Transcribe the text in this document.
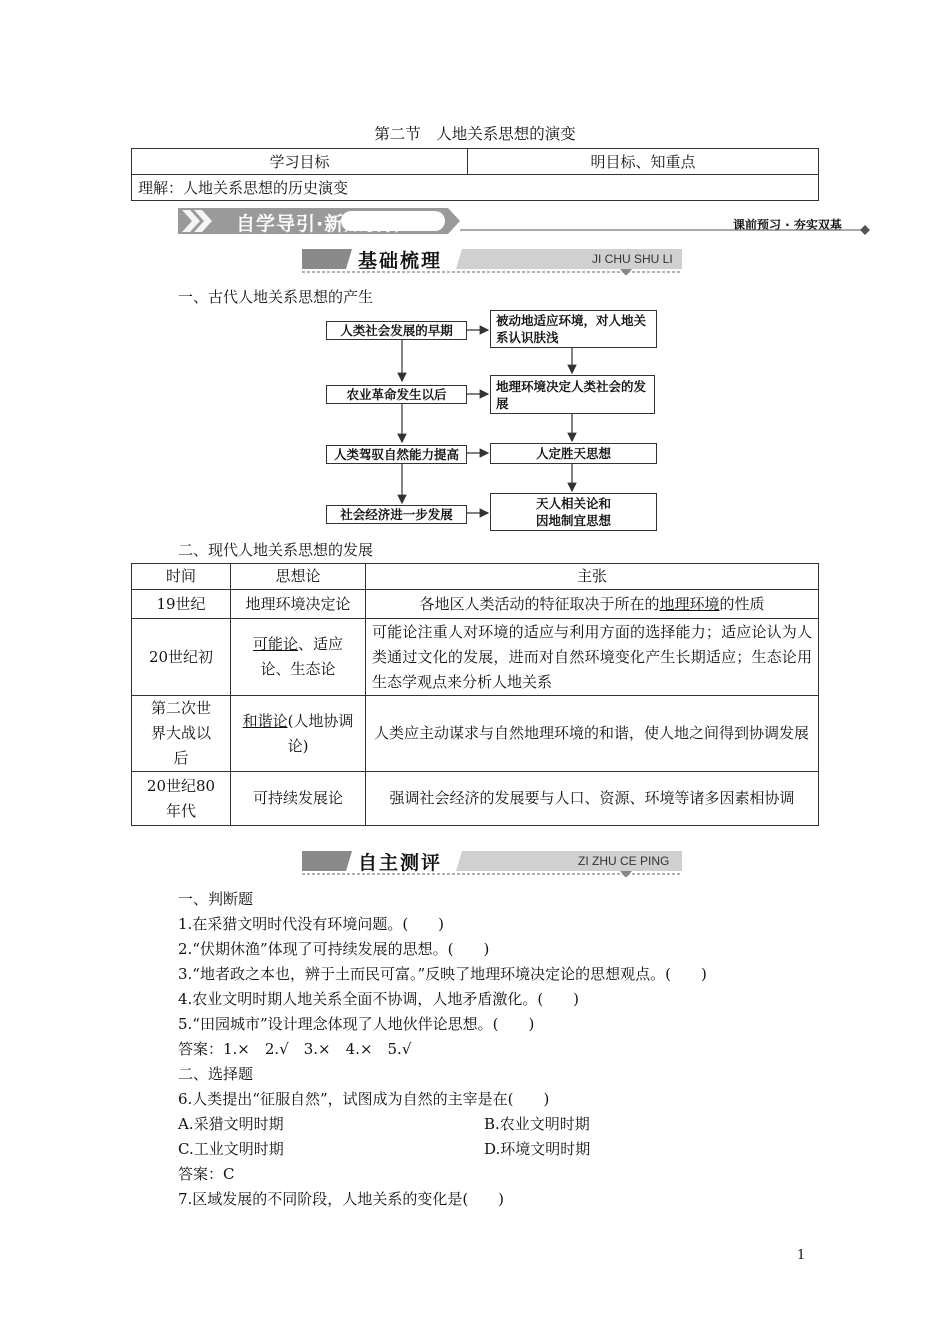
第二节　人地关系思想的演变
学习目标	明目标、知重点
理解：人地关系思想的历史演变
自学导引·新知初探	课前预习 · 夯实双基
基础梳理	JI CHU SHU LI
一、古代人地关系思想的产生
人类社会发展的早期
农业革命发生以后
人类驾驭自然能力提高
社会经济进一步发展
被动地适应环境，对人地关系认识肤浅
地理环境决定人类社会的发展
人定胜天思想
天人相关论和因地制宜思想
二、现代人地关系思想的发展
时间	思想论	主张
19世纪	地理环境决定论	各地区人类活动的特征取决于所在的地理环境的性质
20世纪初	可能论、适应论、生态论	可能论注重人对环境的适应与利用方面的选择能力；适应论认为人类通过文化的发展，进而对自然环境变化产生长期适应；生态论用生态学观点来分析人地关系
第二次世界大战以后	和谐论(人地协调论)	人类应主动谋求与自然地理环境的和谐，使人地之间得到协调发展
20世纪80年代	可持续发展论	强调社会经济的发展要与人口、资源、环境等诸多因素相协调
自主测评	ZI ZHU CE PING
一、判断题
1.在采猎文明时代没有环境问题。(　　)
2.“伏期休渔”体现了可持续发展的思想。(　　)
3.“地者政之本也，辨于土而民可富。”反映了地理环境决定论的思想观点。(　　)
4.农业文明时期人地关系全面不协调，人地矛盾激化。(　　)
5.“田园城市”设计理念体现了人地伙伴论思想。(　　)
答案：1.×　2.√　3.×　4.×　5.√
二、选择题
6.人类提出“征服自然”，试图成为自然的主宰是在(　　)
A.采猎文明时期	B.农业文明时期
C.工业文明时期	D.环境文明时期
答案：C
7.区域发展的不同阶段，人地关系的变化是(　　)
1
